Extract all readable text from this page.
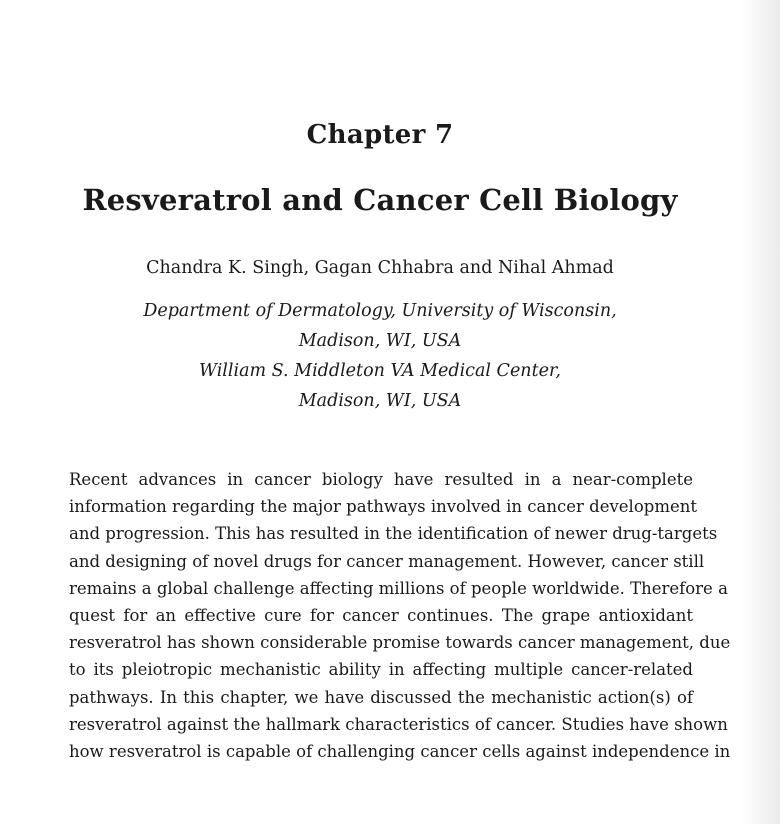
Chapter 7
Resveratrol and Cancer Cell Biology
Chandra K. Singh, Gagan Chhabra and Nihal Ahmad
Department of Dermatology, University of Wisconsin,
Madison, WI, USA
William S. Middleton VA Medical Center,
Madison, WI, USA
Recent advances in cancer biology have resulted in a near-complete
information regarding the major pathways involved in cancer development
and progression. This has resulted in the identification of newer drug-targets
and designing of novel drugs for cancer management. However, cancer still
remains a global challenge affecting millions of people worldwide. Therefore a
quest for an effective cure for cancer continues. The grape antioxidant
resveratrol has shown considerable promise towards cancer management, due
to its pleiotropic mechanistic ability in affecting multiple cancer-related
pathways. In this chapter, we have discussed the mechanistic action(s) of
resveratrol against the hallmark characteristics of cancer. Studies have shown
how resveratrol is capable of challenging cancer cells against independence in
